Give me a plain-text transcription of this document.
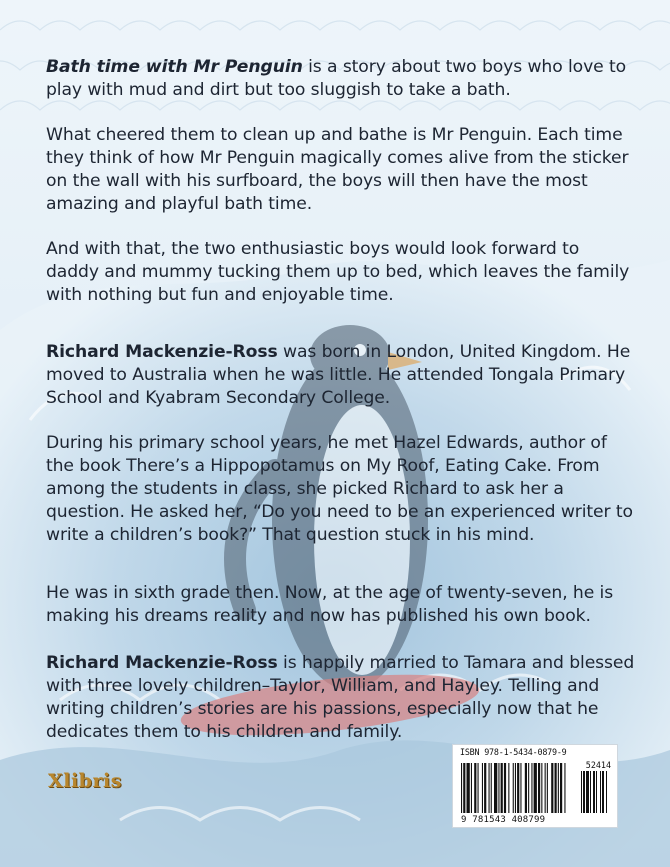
Bath time with Mr Penguin is a story about two boys who love to play with mud and dirt but too sluggish to take a bath.

What cheered them to clean up and bathe is Mr Penguin. Each time they think of how Mr Penguin magically comes alive from the sticker on the wall with his surfboard, the boys will then have the most amazing and playful bath time.

And with that, the two enthusiastic boys would look forward to daddy and mummy tucking them up to bed, which leaves the family with nothing but fun and enjoyable time.

Richard Mackenzie-Ross was born in London, United Kingdom. He moved to Australia when he was little. He attended Tongala Primary School and Kyabram Secondary College.

During his primary school years, he met Hazel Edwards, author of the book There’s a Hippopotamus on My Roof, Eating Cake. From among the students in class, she picked Richard to ask her a question. He asked her, “Do you need to be an experienced writer to write a children’s book?” That question stuck in his mind.

He was in sixth grade then. Now, at the age of twenty-seven, he is making his dreams reality and now has published his own book.

Richard Mackenzie-Ross is happily married to Tamara and blessed with three lovely children–Taylor, William, and Hayley. Telling and writing children’s stories are his passions, especially now that he dedicates them to his children and family.

Xlibris
ISBN 978-1-5434-0879-9
52414
9 781543 408799
